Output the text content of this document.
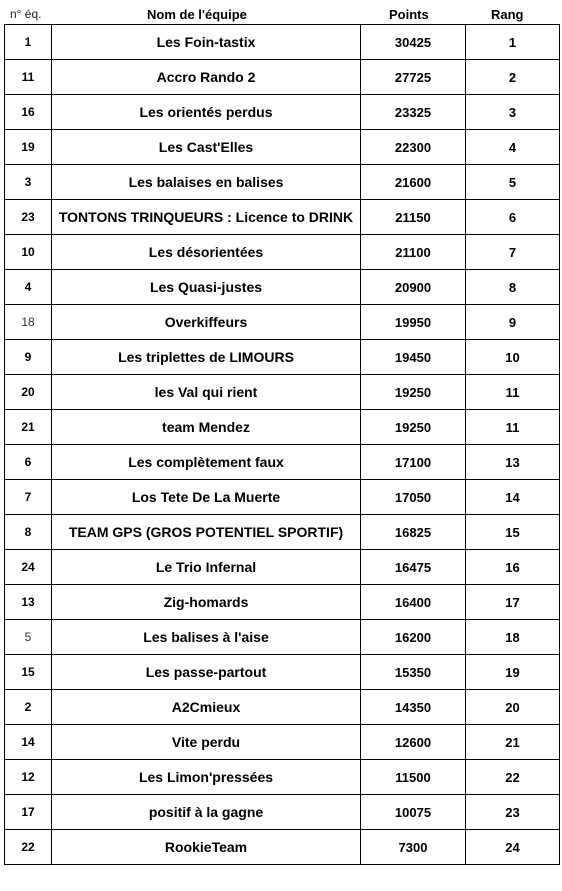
n° éq.	Nom de l'équipe	Points	Rang
1	Les Foin-tastix	30425	1
11	Accro Rando 2	27725	2
16	Les orientés perdus	23325	3
19	Les Cast'Elles	22300	4
3	Les balaises en balises	21600	5
23	TONTONS TRINQUEURS : Licence to DRINK	21150	6
10	Les désorientées	21100	7
4	Les Quasi-justes	20900	8
18	Overkiffeurs	19950	9
9	Les triplettes de LIMOURS	19450	10
20	les Val qui rient	19250	11
21	team Mendez	19250	11
6	Les complètement faux	17100	13
7	Los Tete De La Muerte	17050	14
8	TEAM GPS (GROS POTENTIEL SPORTIF)	16825	15
24	Le Trio Infernal	16475	16
13	Zig-homards	16400	17
5	Les balises à l'aise	16200	18
15	Les passe-partout	15350	19
2	A2Cmieux	14350	20
14	Vite perdu	12600	21
12	Les Limon'pressées	11500	22
17	positif à la gagne	10075	23
22	RookieTeam	7300	24
